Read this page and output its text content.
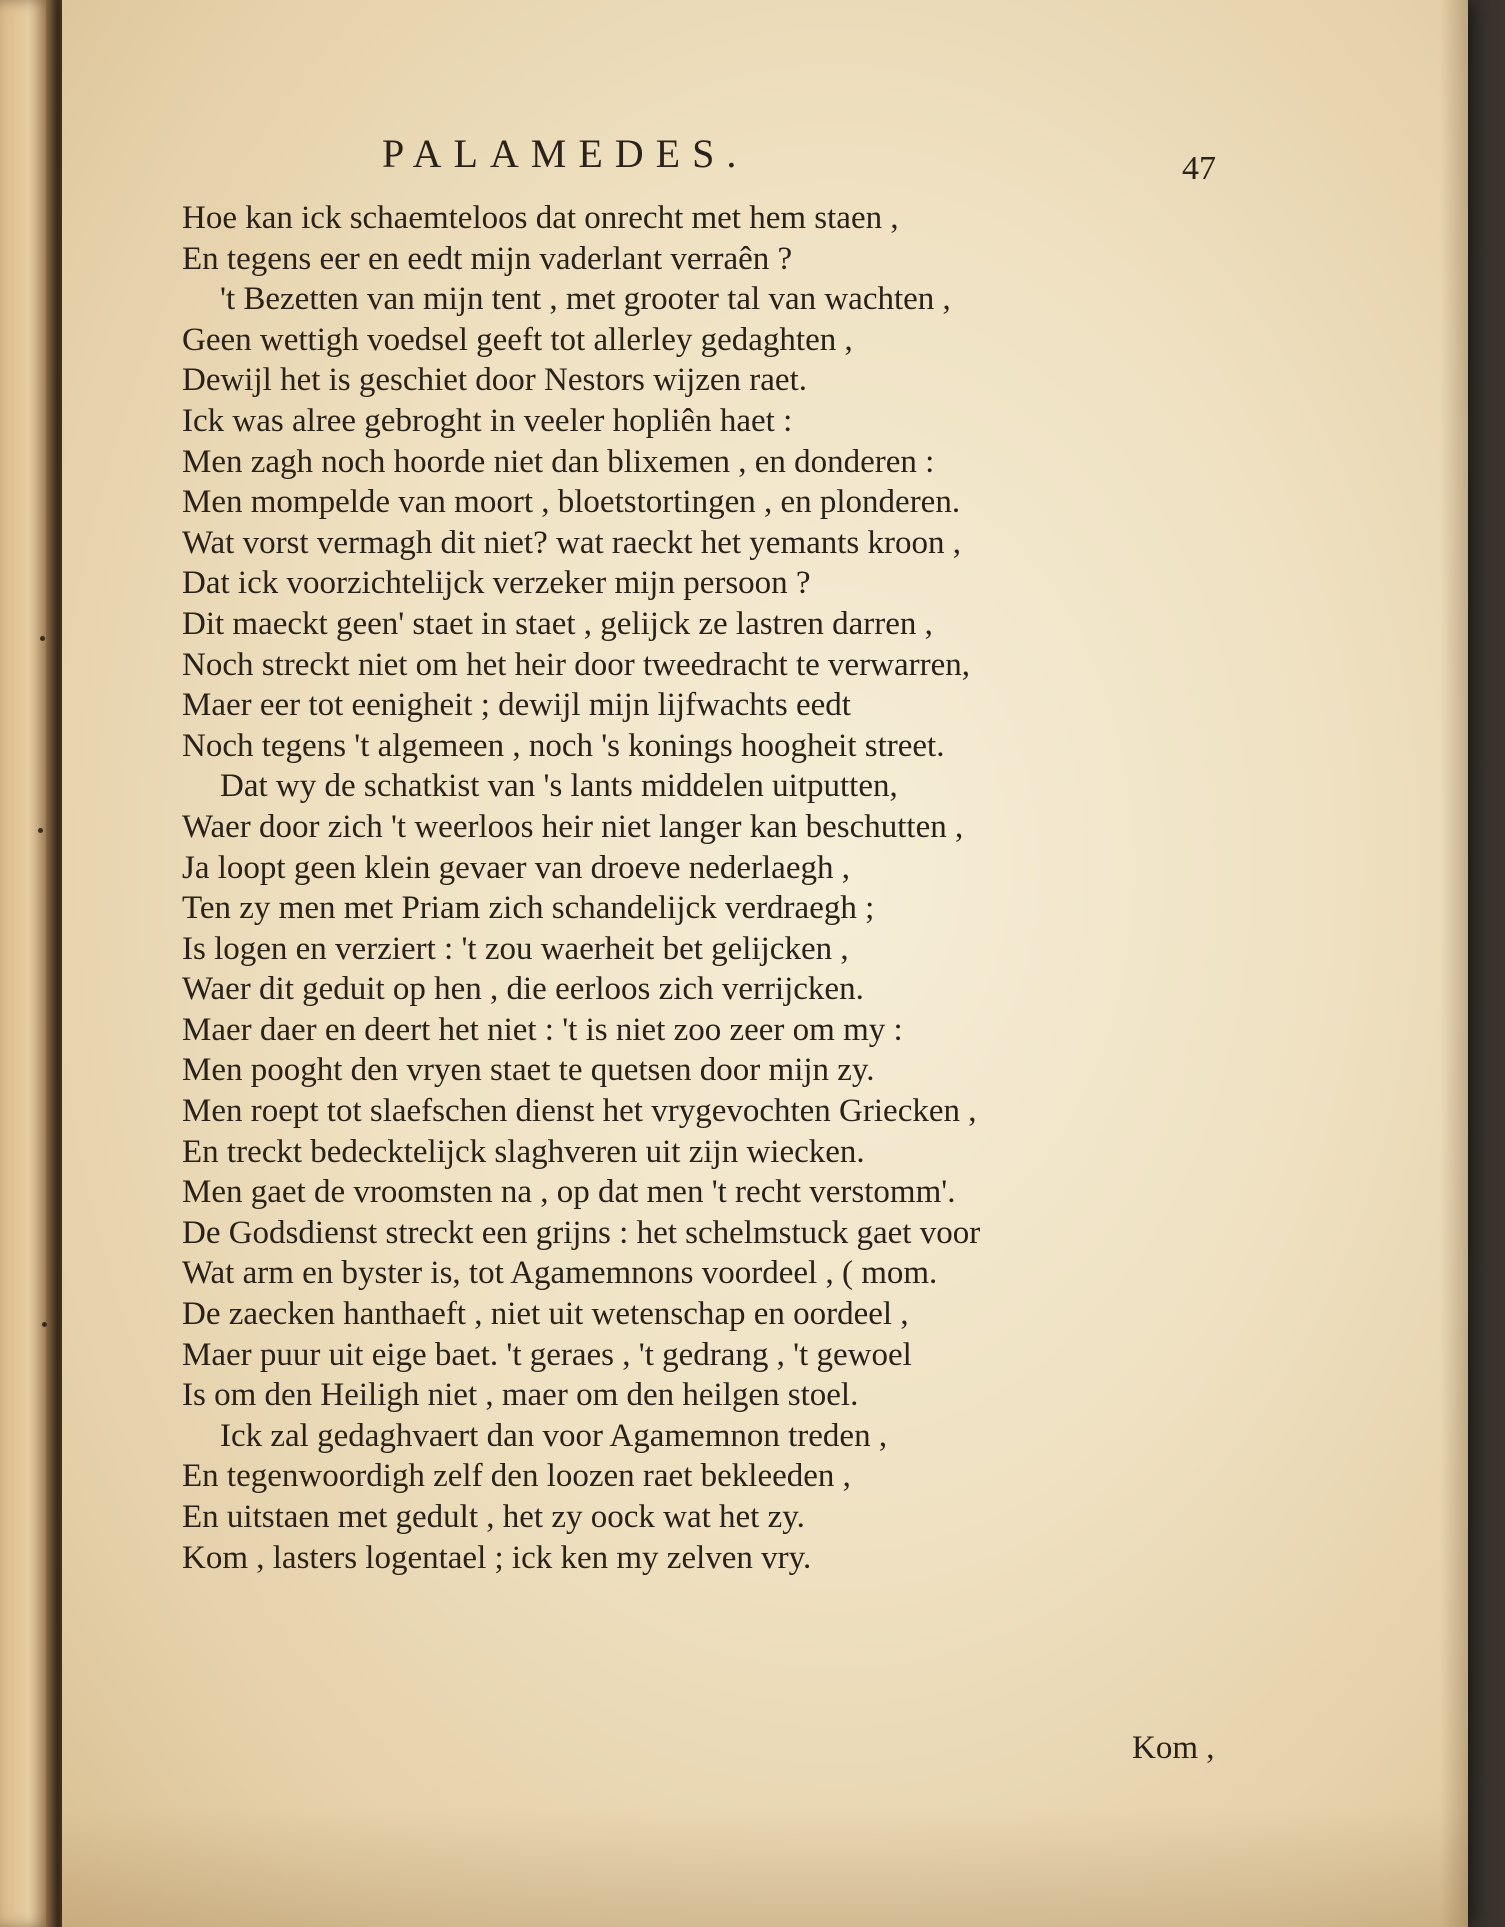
PALAMEDES.	47
Hoe kan ick schaemteloos dat onrecht met hem staen ,
En tegens eer en eedt mijn vaderlant verraên ?
't Bezetten van mijn tent , met grooter tal van wachten ,
Geen wettigh voedsel geeft tot allerley gedaghten ,
Dewijl het is geschiet door Nestors wijzen raet.
Ick was alree gebroght in veeler hopliên haet :
Men zagh noch hoorde niet dan blixemen , en donderen :
Men mompelde van moort , bloetstortingen , en plonderen.
Wat vorst vermagh dit niet? wat raeckt het yemants kroon ,
Dat ick voorzichtelijck verzeker mijn persoon ?
Dit maeckt geen' staet in staet , gelijck ze lastren darren ,
Noch streckt niet om het heir door tweedracht te verwarren,
Maer eer tot eenigheit ; dewijl mijn lijfwachts eedt
Noch tegens 't algemeen , noch 's konings hoogheit street.
Dat wy de schatkist van 's lants middelen uitputten,
Waer door zich 't weerloos heir niet langer kan beschutten ,
Ja loopt geen klein gevaer van droeve nederlaegh ,
Ten zy men met Priam zich schandelijck verdraegh ;
Is logen en verziert : 't zou waerheit bet gelijcken ,
Waer dit geduit op hen , die eerloos zich verrijcken.
Maer daer en deert het niet : 't is niet zoo zeer om my :
Men pooght den vryen staet te quetsen door mijn zy.
Men roept tot slaefschen dienst het vrygevochten Griecken ,
En treckt bedecktelijck slaghveren uit zijn wiecken.
Men gaet de vroomsten na , op dat men 't recht verstomm'.
De Godsdienst streckt een grijns : het schelmstuck gaet voor
Wat arm en byster is, tot Agamemnons voordeel , ( mom.
De zaecken hanthaeft , niet uit wetenschap en oordeel ,
Maer puur uit eige baet. 't geraes , 't gedrang , 't gewoel
Is om den Heiligh niet , maer om den heilgen stoel.
Ick zal gedaghvaert dan voor Agamemnon treden ,
En tegenwoordigh zelf den loozen raet bekleeden ,
En uitstaen met gedult , het zy oock wat het zy.
Kom , lasters logentael ; ick ken my zelven vry.
Kom ,
